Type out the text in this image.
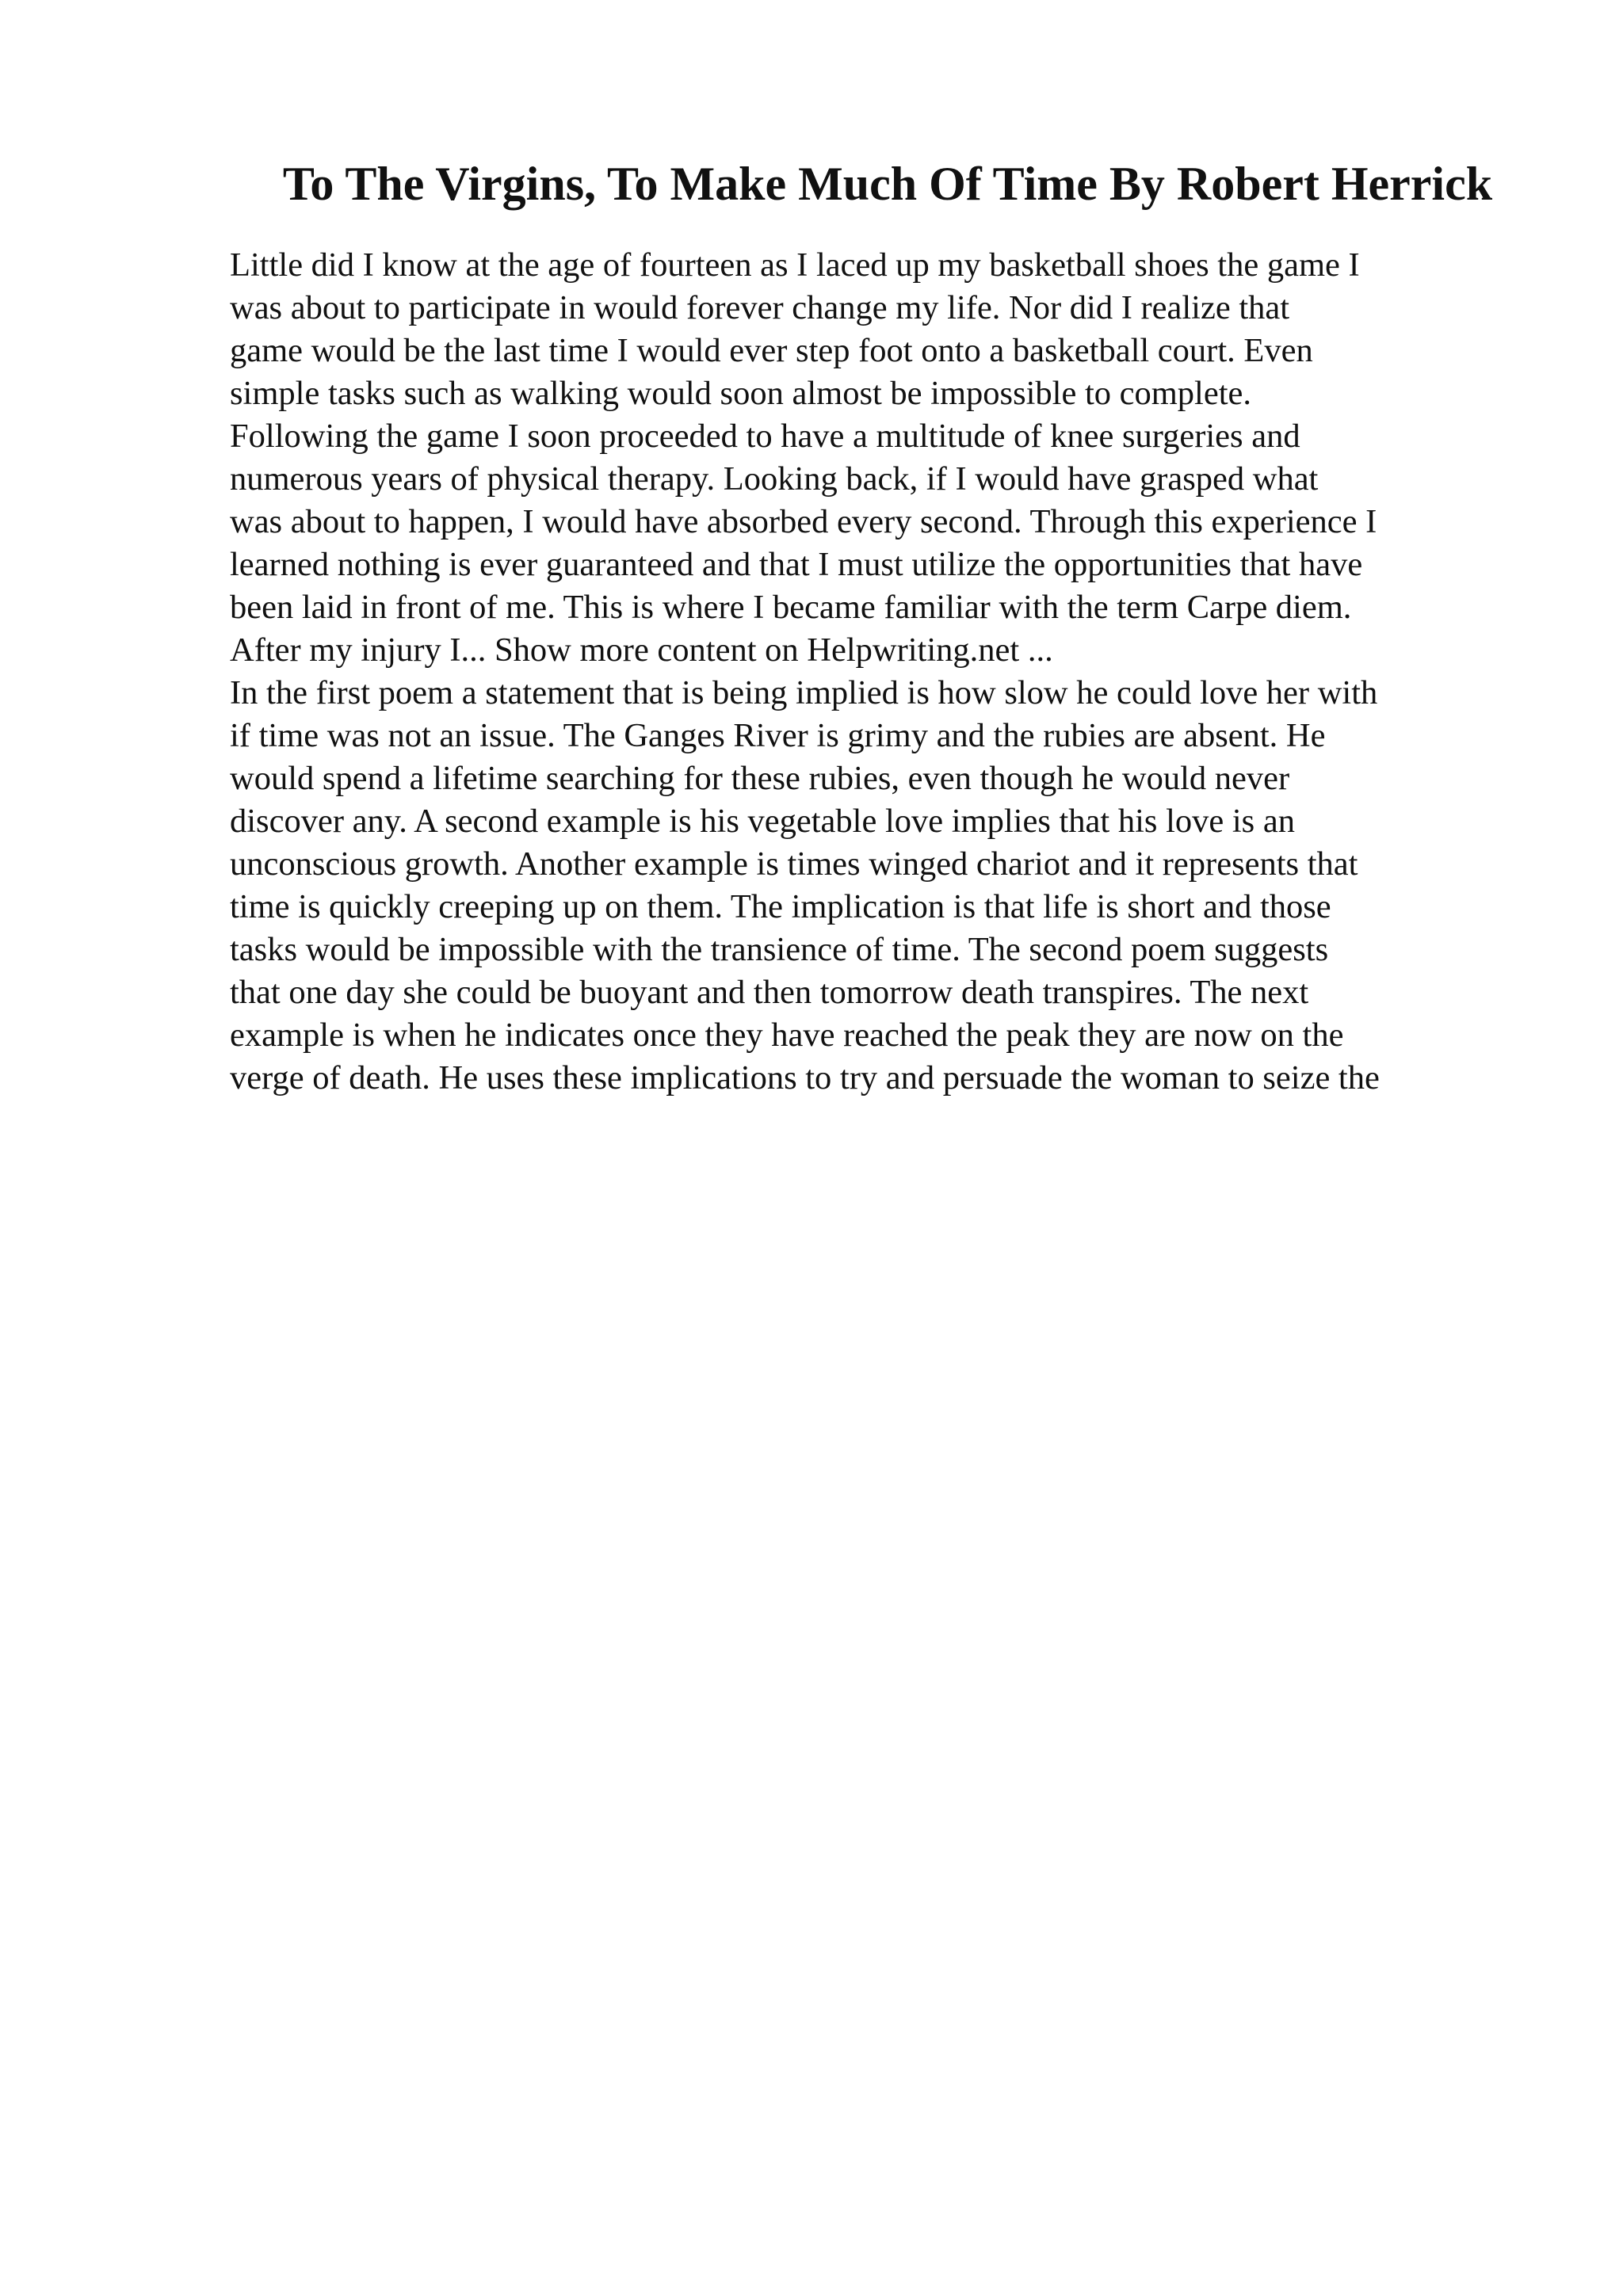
To The Virgins, To Make Much Of Time By Robert Herrick
Little did I know at the age of fourteen as I laced up my basketball shoes the game I
was about to participate in would forever change my life. Nor did I realize that
game would be the last time I would ever step foot onto a basketball court. Even
simple tasks such as walking would soon almost be impossible to complete.
Following the game I soon proceeded to have a multitude of knee surgeries and
numerous years of physical therapy. Looking back, if I would have grasped what
was about to happen, I would have absorbed every second. Through this experience I
learned nothing is ever guaranteed and that I must utilize the opportunities that have
been laid in front of me. This is where I became familiar with the term Carpe diem.
After my injury I... Show more content on Helpwriting.net ...
In the first poem a statement that is being implied is how slow he could love her with
if time was not an issue. The Ganges River is grimy and the rubies are absent. He
would spend a lifetime searching for these rubies, even though he would never
discover any. A second example is his vegetable love implies that his love is an
unconscious growth. Another example is times winged chariot and it represents that
time is quickly creeping up on them. The implication is that life is short and those
tasks would be impossible with the transience of time. The second poem suggests
that one day she could be buoyant and then tomorrow death transpires. The next
example is when he indicates once they have reached the peak they are now on the
verge of death. He uses these implications to try and persuade the woman to seize the
